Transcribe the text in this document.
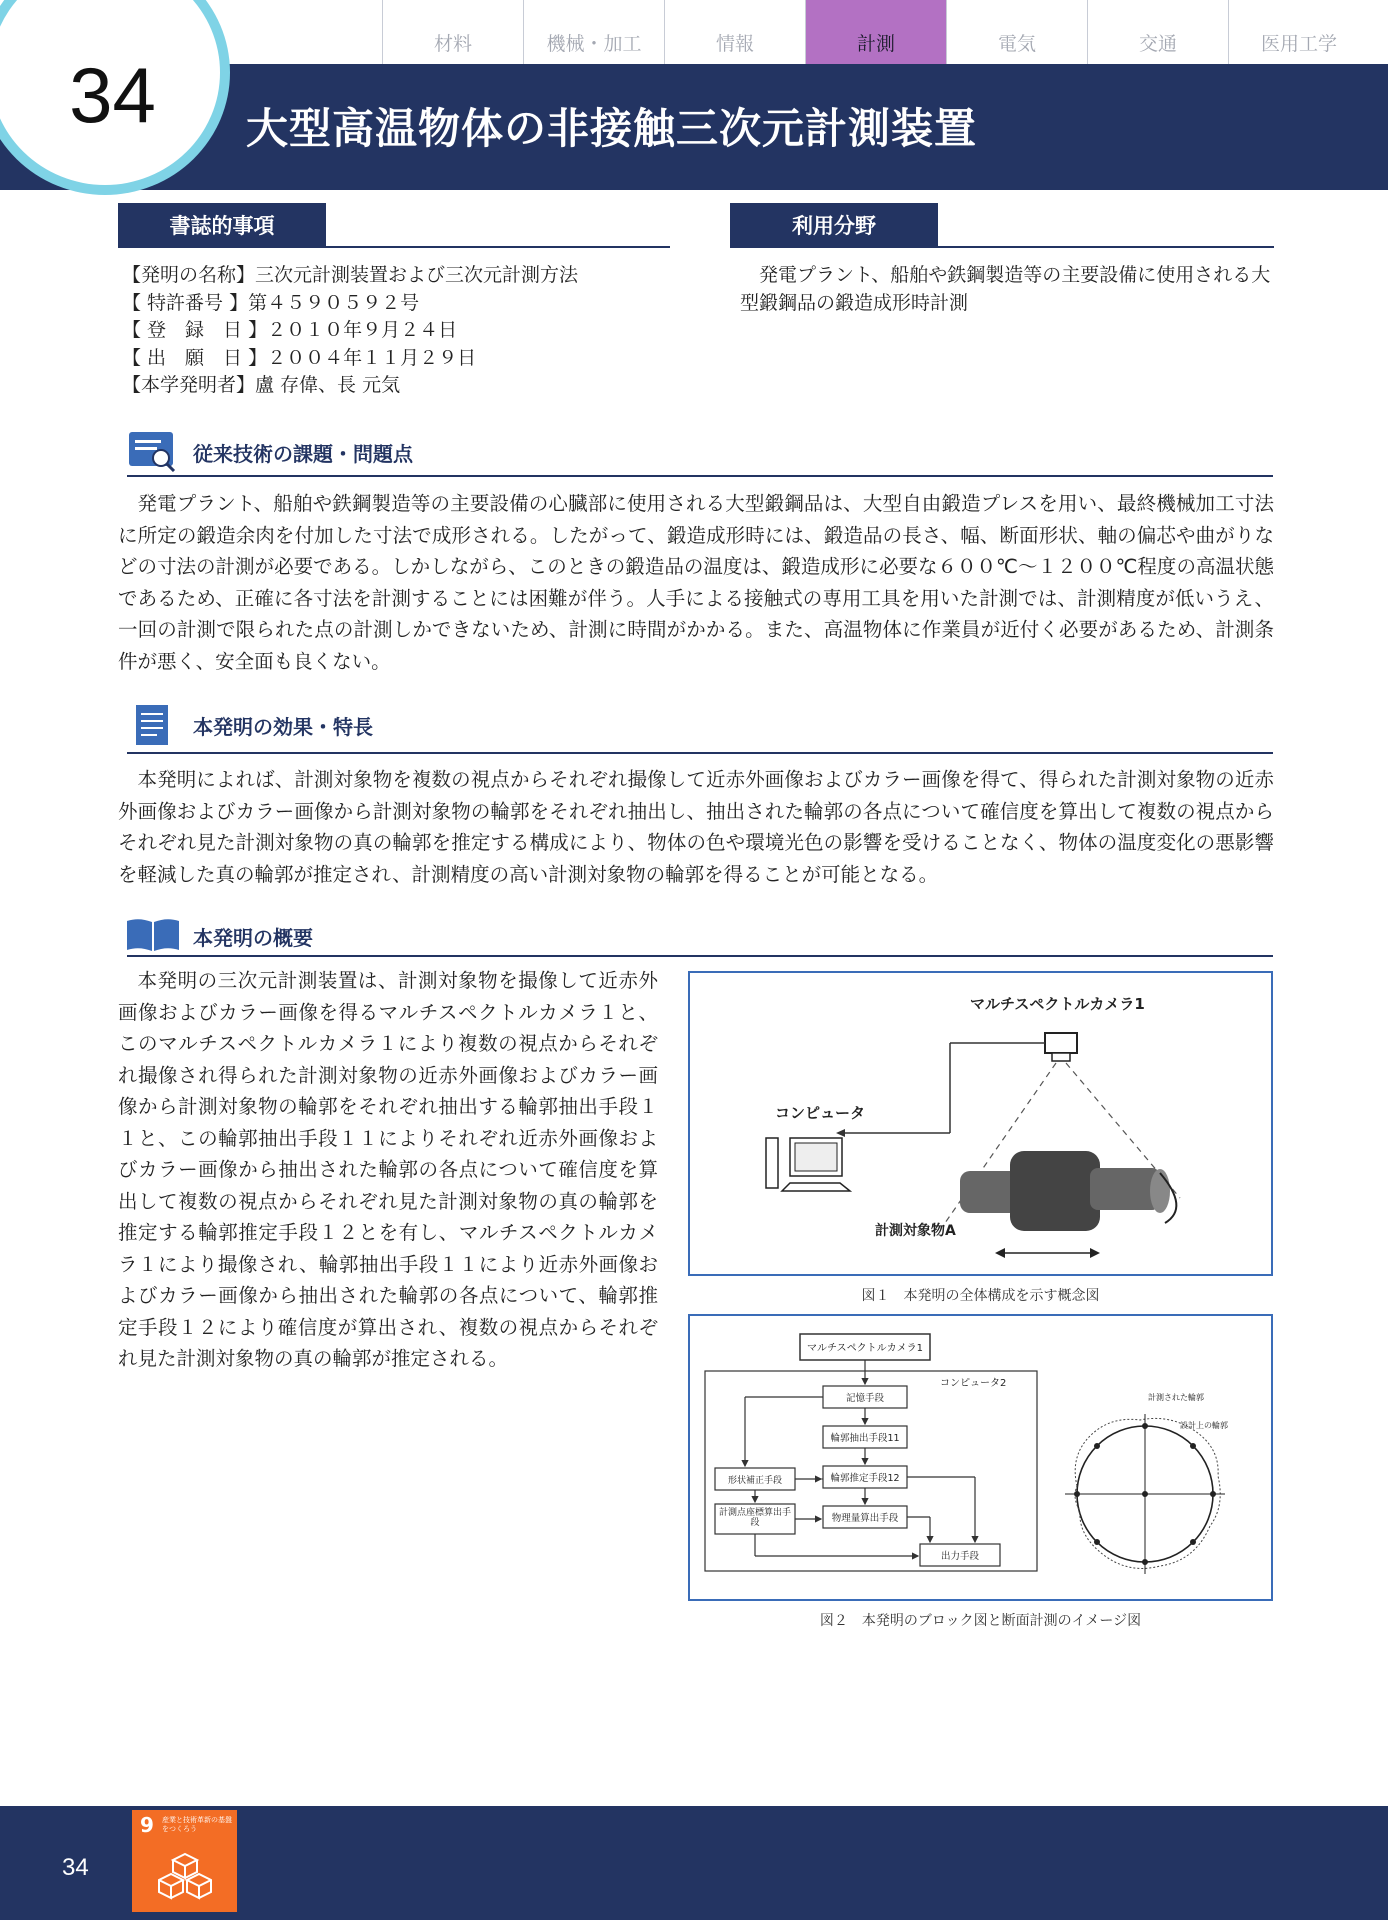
34
材料	機械・加工	情報	計測	電気	交通	医用工学
大型高温物体の非接触三次元計測装置
書誌的事項
【発明の名称】三次元計測装置および三次元計測方法
【 特許番号 】第４５９０５９２号
【 登　録　日 】２０１０年９月２４日
【 出　願　日 】２００４年１１月２９日
【本学発明者】盧 存偉、長 元気
利用分野
発電プラント、船舶や鉄鋼製造等の主要設備に使用される大型鍛鋼品の鍛造成形時計測
従来技術の課題・問題点
発電プラント、船舶や鉄鋼製造等の主要設備の心臓部に使用される大型鍛鋼品は、大型自由鍛造プレスを用い、最終機械加工寸法に所定の鍛造余肉を付加した寸法で成形される。したがって、鍛造成形時には、鍛造品の長さ、幅、断面形状、軸の偏芯や曲がりなどの寸法の計測が必要である。しかしながら、このときの鍛造品の温度は、鍛造成形に必要な６００℃～１２００℃程度の高温状態であるため、正確に各寸法を計測することには困難が伴う。人手による接触式の専用工具を用いた計測では、計測精度が低いうえ、一回の計測で限られた点の計測しかできないため、計測に時間がかかる。また、高温物体に作業員が近付く必要があるため、計測条件が悪く、安全面も良くない。
本発明の効果・特長
本発明によれば、計測対象物を複数の視点からそれぞれ撮像して近赤外画像およびカラー画像を得て、得られた計測対象物の近赤外画像およびカラー画像から計測対象物の輪郭をそれぞれ抽出し、抽出された輪郭の各点について確信度を算出して複数の視点からそれぞれ見た計測対象物の真の輪郭を推定する構成により、物体の色や環境光色の影響を受けることなく、物体の温度変化の悪影響を軽減した真の輪郭が推定され、計測精度の高い計測対象物の輪郭を得ることが可能となる。
本発明の概要
本発明の三次元計測装置は、計測対象物を撮像して近赤外画像およびカラー画像を得るマルチスペクトルカメラ１と、このマルチスペクトルカメラ１により複数の視点からそれぞれ撮像され得られた計測対象物の近赤外画像およびカラー画像から計測対象物の輪郭をそれぞれ抽出する輪郭抽出手段１１と、この輪郭抽出手段１１によりそれぞれ近赤外画像およびカラー画像から抽出された輪郭の各点について確信度を算出して複数の視点からそれぞれ見た計測対象物の真の輪郭を推定する輪郭推定手段１２とを有し、マルチスペクトルカメラ１により撮像され、輪郭抽出手段１１により近赤外画像およびカラー画像から抽出された輪郭の各点について、輪郭推定手段１２により確信度が算出され、複数の視点からそれぞれ見た計測対象物の真の輪郭が推定される。
マルチスペクトルカメラ1
コンピュータ
計測対象物A
図１　本発明の全体構成を示す概念図
マルチスペクトルカメラ1
コンピュータ2
記憶手段
輪郭抽出手段11
輪郭推定手段12
形状補正手段
計測点座標算出手段	物理量算出手段
出力手段
計測された輪郭
設計上の輪郭
図２　本発明のブロック図と断面計測のイメージ図
34
9 産業と技術革新の基盤をつくろう
